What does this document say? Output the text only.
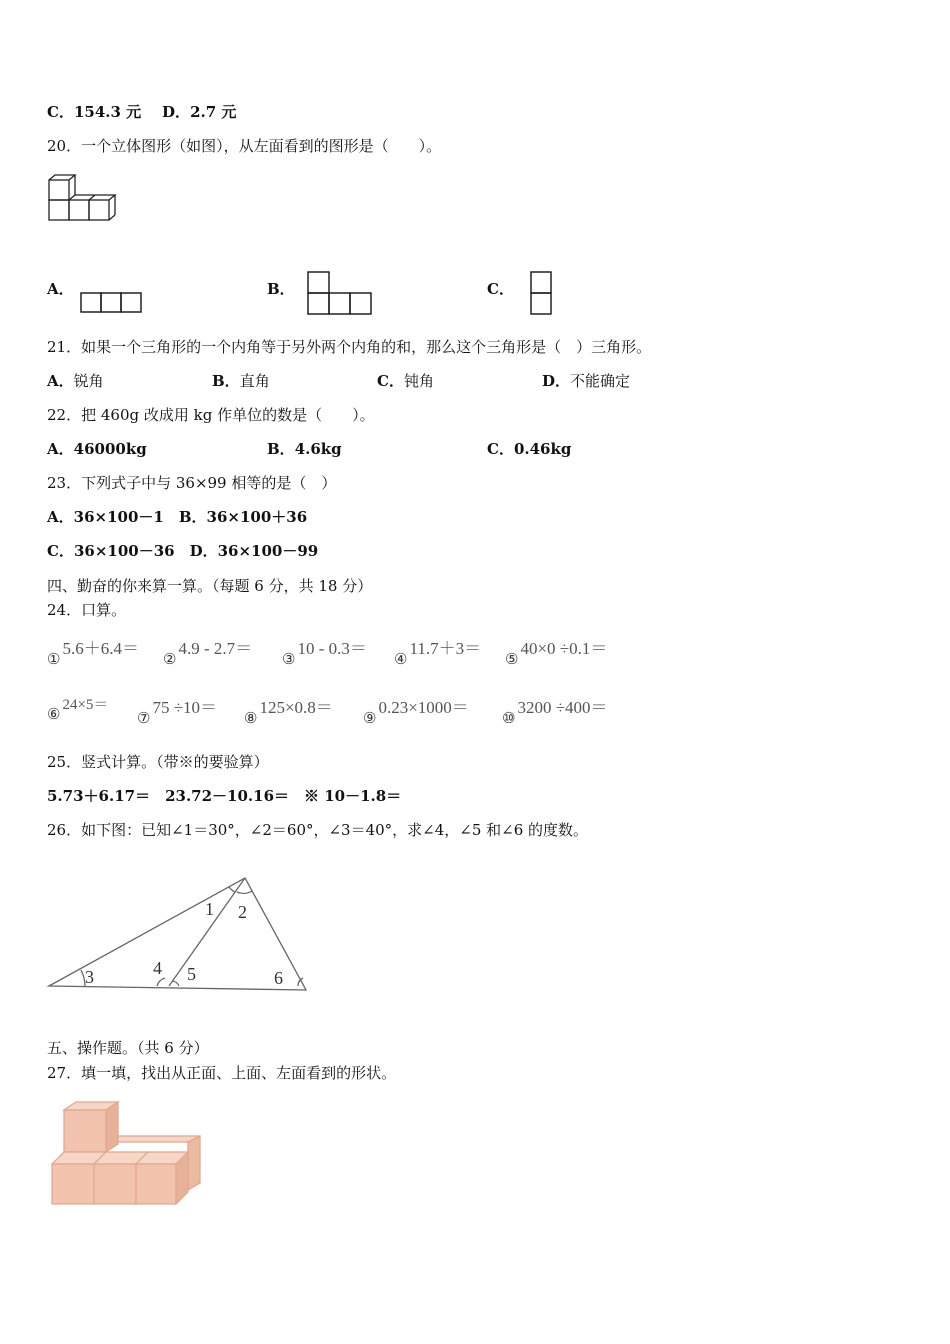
C．154.3 元 D．2.7 元
20．一个立体图形（如图），从左面看到的图形是（　　）。
A．	B．	C．
21．如果一个三角形的一个内角等于另外两个内角的和，那么这个三角形是（　）三角形。
A．锐角	B．直角	C．钝角	D．不能确定
22．把 460g 改成用 kg 作单位的数是（　　）。
A．46000kg	B．4.6kg	C．0.46kg
23．下列式子中与 36×99 相等的是（　）
A．36×100－1　B．36×100＋36
C．36×100－36　D．36×100－99
四、勤奋的你来算一算。（每题 6 分，共 18 分）
24．口算。
①5.6＋6.4＝
②4.9 - 2.7＝
③10 - 0.3＝
④11.7＋3＝
⑤40×0 ÷0.1＝
⑥24×5＝
⑦75 ÷10＝
⑧125×0.8＝
⑨0.23×1000＝
⑩3200 ÷400＝
25．竖式计算。（带※的要验算）
5.73＋6.17＝　23.72－10.16＝　※ 10－1.8＝
26．如下图：已知∠1＝30°，∠2＝60°，∠3＝40°，求∠4，∠5 和∠6 的度数。
1 2
3	4 5	6
五、操作题。（共 6 分）
27．填一填，找出从正面、上面、左面看到的形状。
